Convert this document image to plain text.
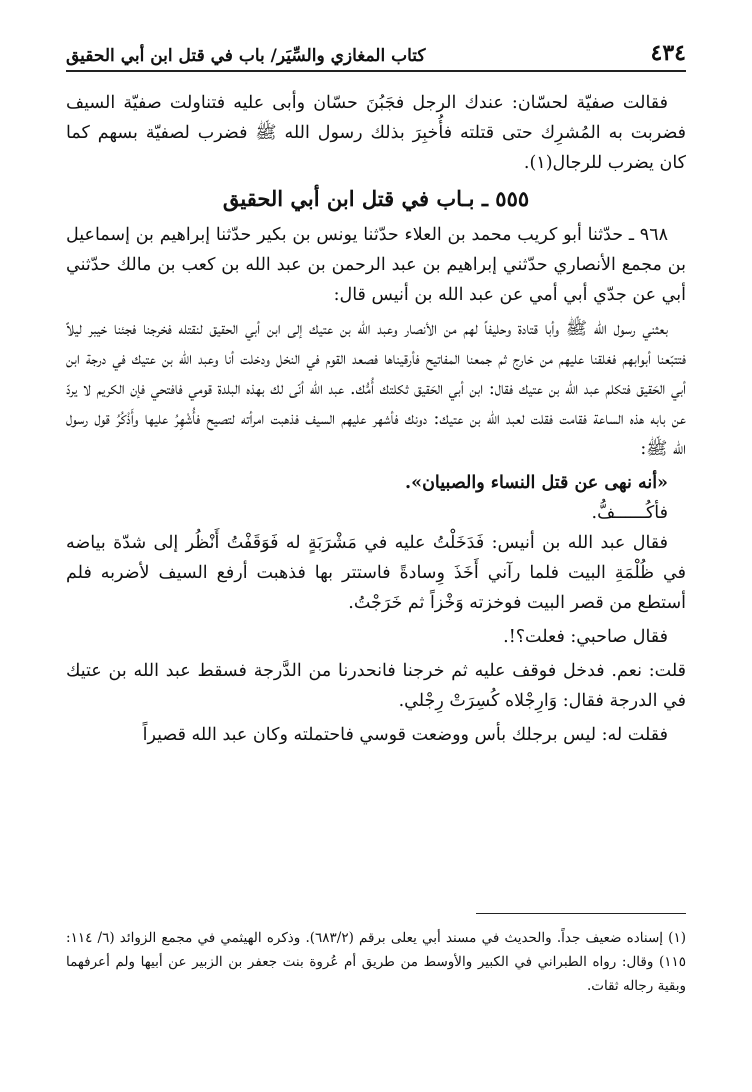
٤٣٤
كتاب المغازي والسِّيَر/ باب في قتل ابن أبي الحقيق

فقالت صفيّة لحسّان: عندك الرجل فجَبُنَ حسّان وأبى عليه فتناولت صفيّة السيف فضربت به المُشرِك حتى قتلته فأُخبِرَ بذلك رسول الله ﷺ فضرب لصفيّة بسهم كما كان يضرب للرجال(١).

٥٥٥ ـ بـاب في قتل ابن أبي الحقيق

٩٦٨ ـ حدّثنا أبو كريب محمد بن العلاء حدّثنا يونس بن بكير حدّثنا إبراهيم بن إسماعيل بن مجمع الأنصاري حدّثني إبراهيم بن عبد الرحمن بن عبد الله بن كعب بن مالك حدّثني أبي عن جدّي أبي أمي عن عبد الله بن أنيس قال:

بعثني رسول الله ﷺ وأبا قتادة وحليفاً لهم من الأنصار وعبد الله بن عتيك إلى ابن أبي الحقيق لنقتله فخرجنا فجئنا خيبر ليلاً فتتبّعنا أبوابهم فغلقنا عليهم من خارج ثم جمعنا المفاتيح فأرقيناها فصعد القوم في النخل ودخلت أنا وعبد الله بن عتيك في درجة ابن أبي الحَقيق فتكلم عبد الله بن عتيك فقال: ابن أبي الحَقيق ثكلتك أُمُّك. عبد الله أنّى لك بهذه البلدة قومي فافتحي فإن الكريم لا يردّ عن بابه هذه الساعة فقامت فقلت لعبد الله بن عتيك: دونك فأشهر عليهم السيف فذهبت امرأته لتصيح فأُشْهِرُ عليها وأَذْكُرُ قول رسول الله ﷺ:

«أنه نهى عن قتل النساء والصبيان».

فأكُــــــفُّ.

فقال عبد الله بن أنيس: فَدَخَلْتُ عليه في مَشْرَبَةٍ له فَوَقَفْتُ أَنْظُر إلى شدّة بياضه في ظُلْمَةِ البيت فلما رآني أَخَذَ وِسادةً فاستتر بها فذهبت أرفع السيف لأضربه فلم أستطع من قصر البيت فوخزته وَخْزاً ثم خَرَجْتُ.

فقال صاحبي: فعلت؟!.

قلت: نعم. فدخل فوقف عليه ثم خرجنا فانحدرنا من الدَّرجة فسقط عبد الله بن عتيك في الدرجة فقال: وَارِجْلاه كُسِرَتْ رِجْلي.

فقلت له: ليس برجلك بأس ووضعت قوسي فاحتملته وكان عبد الله قصيراً

(١) إسناده ضعيف جداً. والحديث في مسند أبي يعلى برقم (٦٨٣/٢). وذكره الهيثمي في مجمع الزوائد (٦/ ١١٤: ١١٥) وقال: رواه الطبراني في الكبير والأوسط من طريق أم عُروة بنت جعفر بن الزبير عن أبيها ولم أعرفهما وبقية رجاله ثقات.
